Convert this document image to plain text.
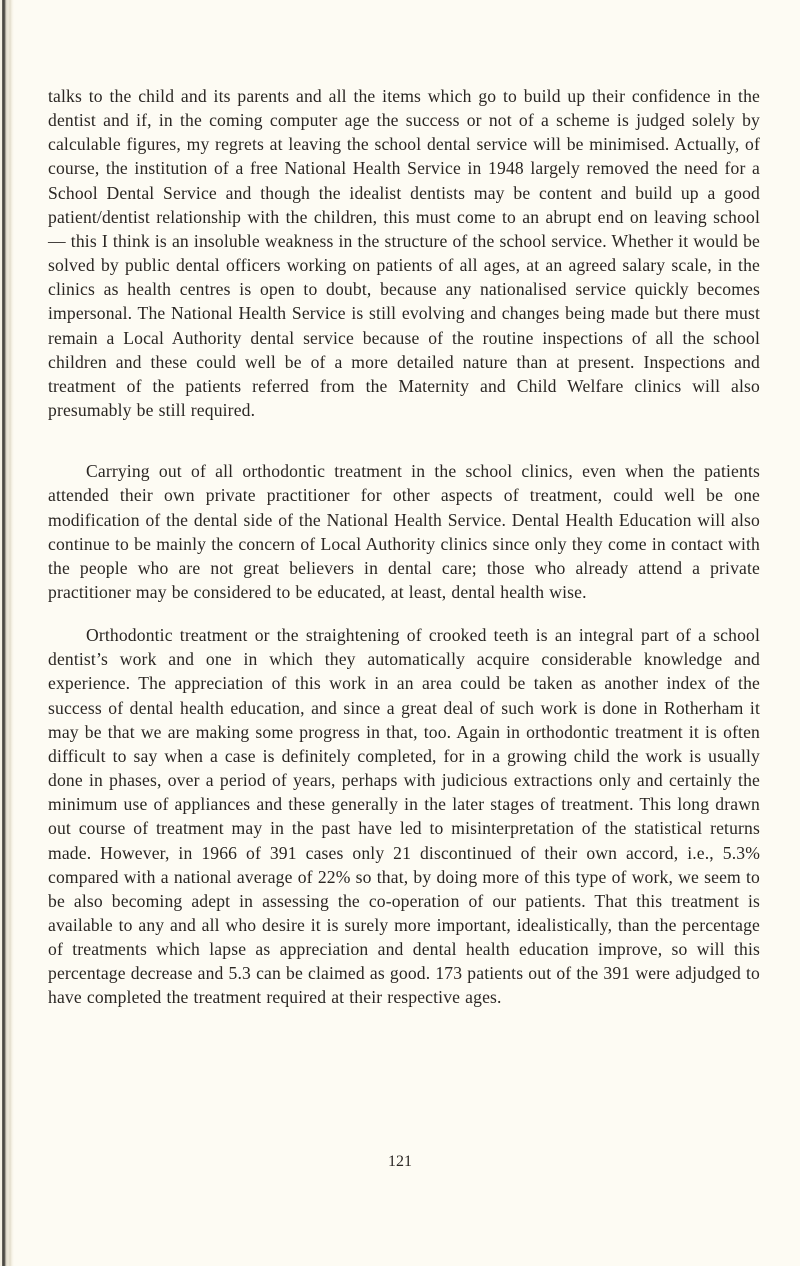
talks to the child and its parents and all the items which go to build up their confidence in the dentist and if, in the coming computer age the success or not of a scheme is judged solely by calculable figures, my regrets at leaving the school dental service will be minimised. Actually, of course, the institution of a free National Health Service in 1948 largely removed the need for a School Dental Service and though the idealist dentists may be content and build up a good patient/dentist relationship with the children, this must come to an abrupt end on leaving school— this I think is an insoluble weakness in the structure of the school service. Whether it would be solved by public dental officers working on patients of all ages, at an agreed salary scale, in the clinics as health centres is open to doubt, because any nationalised service quickly becomes impersonal. The National Health Service is still evolving and changes being made but there must remain a Local Authority dental service because of the routine inspections of all the school children and these could well be of a more detailed nature than at present. Inspections and treatment of the patients referred from the Maternity and Child Welfare clinics will also presumably be still required.

Carrying out of all orthodontic treatment in the school clinics, even when the patients attended their own private practitioner for other aspects of treatment, could well be one modification of the dental side of the National Health Service. Dental Health Education will also continue to be mainly the concern of Local Authority clinics since only they come in contact with the people who are not great believers in dental care; those who already attend a private practitioner may be considered to be educated, at least, dental health wise.

Orthodontic treatment or the straightening of crooked teeth is an integral part of a school dentist’s work and one in which they automatically acquire considerable knowledge and experience. The appreciation of this work in an area could be taken as another index of the success of dental health education, and since a great deal of such work is done in Rotherham it may be that we are making some progress in that, too. Again in orthodontic treatment it is often difficult to say when a case is definitely completed, for in a growing child the work is usually done in phases, over a period of years, perhaps with judicious extractions only and certainly the minimum use of appliances and these generally in the later stages of treatment. This long drawn out course of treatment may in the past have led to misinterpretation of the statistical returns made. However, in 1966 of 391 cases only 21 discontinued of their own accord, i.e., 5.3% compared with a national average of 22% so that, by doing more of this type of work, we seem to be also becoming adept in assessing the co-operation of our patients. That this treatment is available to any and all who desire it is surely more important, idealistically, than the percentage of treatments which lapse as appreciation and dental health education improve, so will this percentage decrease and 5.3 can be claimed as good. 173 patients out of the 391 were adjudged to have completed the treatment required at their respective ages.

121
